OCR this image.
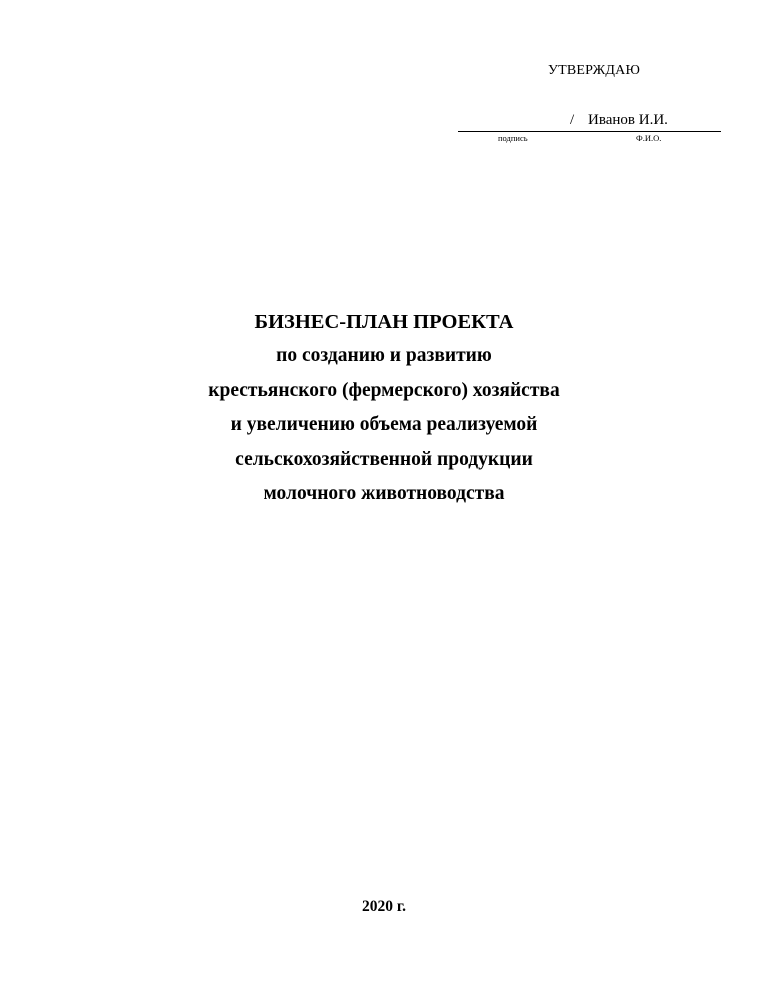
УТВЕРЖДАЮ
/ Иванов И.И.
подпись	Ф.И.О.
БИЗНЕС-ПЛАН ПРОЕКТА
по созданию и развитию
крестьянского (фермерского) хозяйства
и увеличению объема реализуемой
сельскохозяйственной продукции
молочного животноводства
2020 г.
